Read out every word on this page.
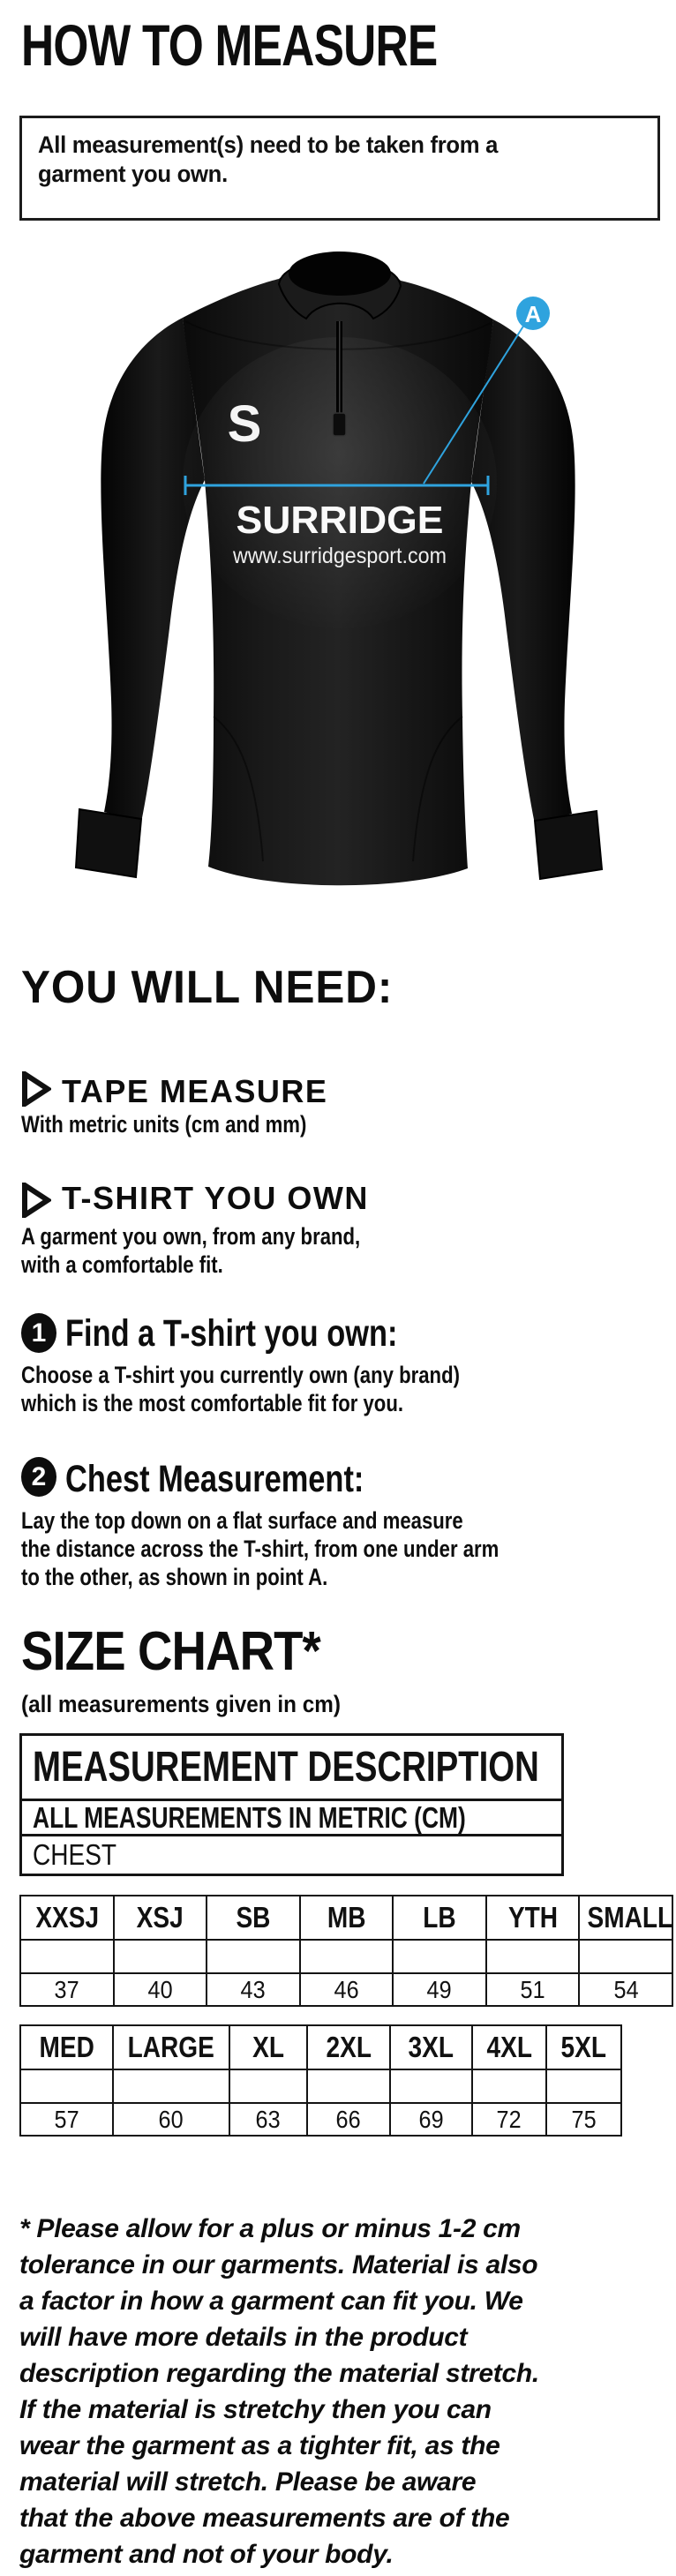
HOW TO MEASURE
All measurement(s) need to be taken from a
garment you own.
S
SURRIDGE
www.surridgesport.com
A
YOU WILL NEED:
TAPE MEASURE
With metric units (cm and mm)
T-SHIRT YOU OWN
A garment you own, from any brand,
with a comfortable fit.
1 Find a T-shirt you own:
Choose a T-shirt you currently own (any brand)
which is the most comfortable fit for you.
2 Chest Measurement:
Lay the top down on a flat surface and measure
the distance across the T-shirt, from one under arm
to the other, as shown in point A.
SIZE CHART*
(all measurements given in cm)
MEASUREMENT DESCRIPTION
ALL MEASUREMENTS IN METRIC (CM)
CHEST
XXSJ	XSJ	SB	MB	LB	YTH	SMALL

37	40	43	46	49	51	54
MED	LARGE	XL	2XL	3XL	4XL	5XL

57	60	63	66	69	72	75
* Please allow for a plus or minus 1-2 cm
tolerance in our garments. Material is also
a factor in how a garment can fit you. We
will have more details in the product
description regarding the material stretch.
If the material is stretchy then you can
wear the garment as a tighter fit, as the
material will stretch. Please be aware
that the above measurements are of the
garment and not of your body.
